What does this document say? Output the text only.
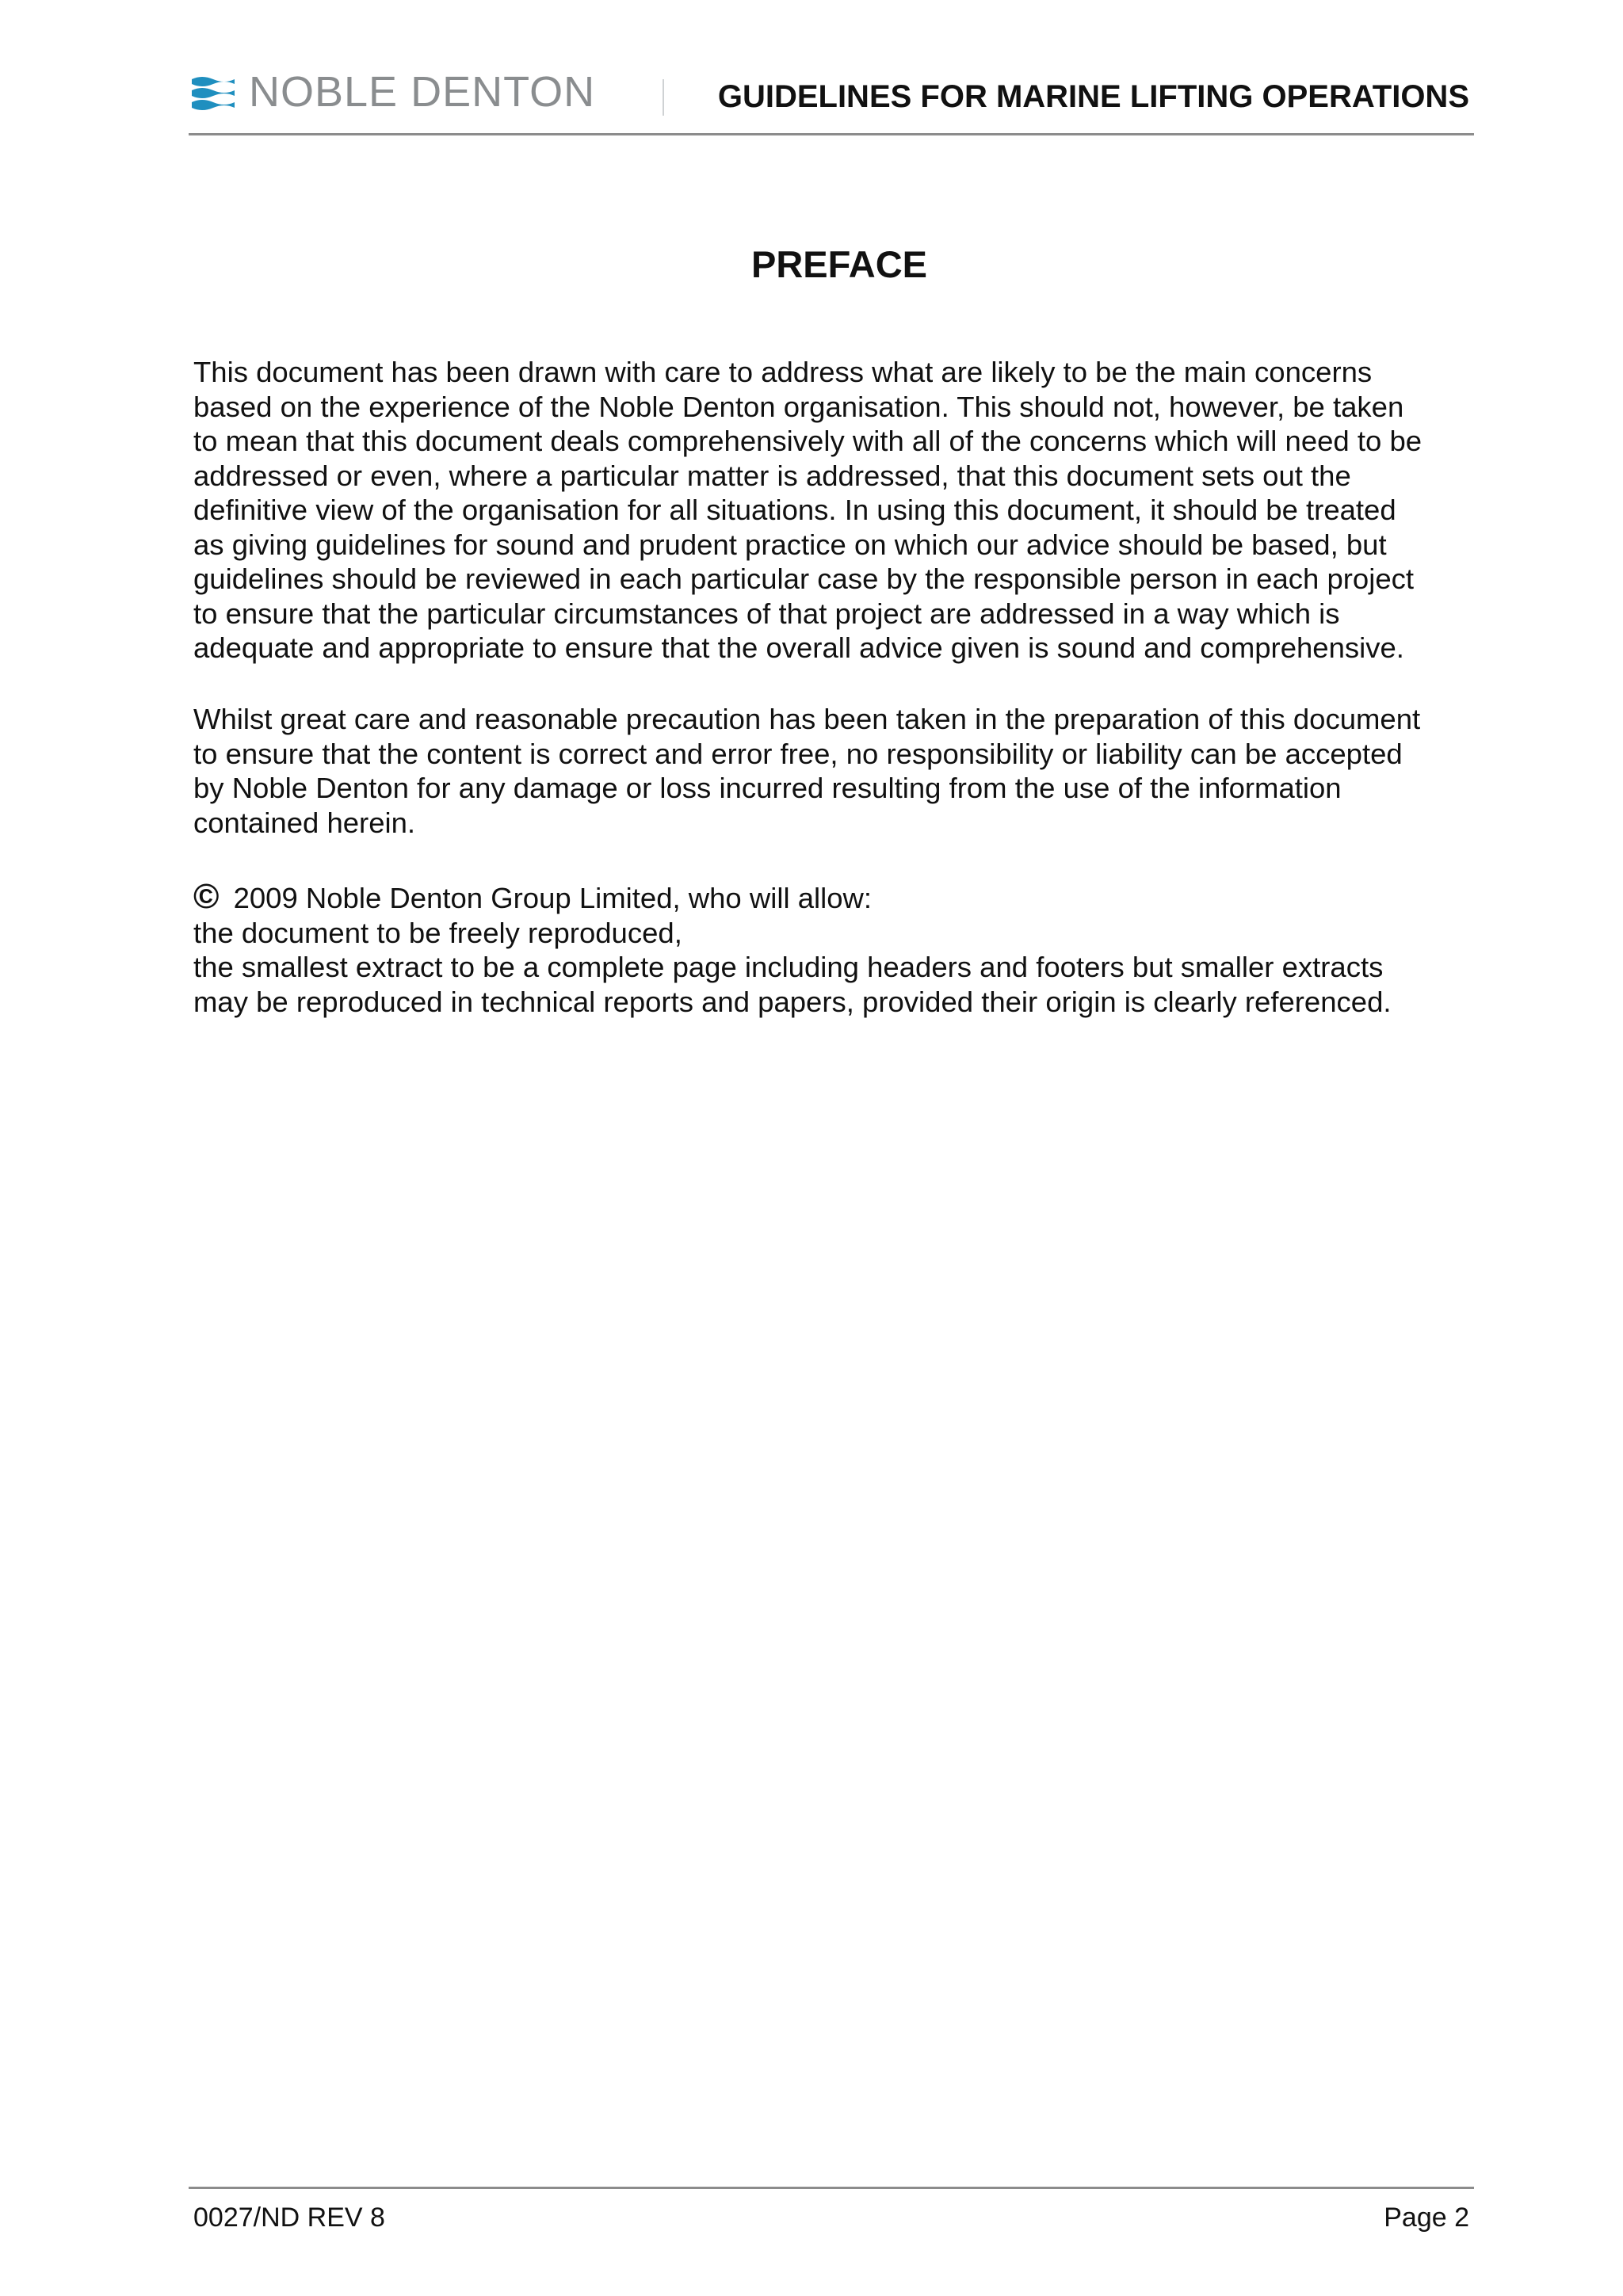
NOBLE DENTON	GUIDELINES FOR MARINE LIFTING OPERATIONS
PREFACE

This document has been drawn with care to address what are likely to be the main concerns
based on the experience of the Noble Denton organisation. This should not, however, be taken
to mean that this document deals comprehensively with all of the concerns which will need to be
addressed or even, where a particular matter is addressed, that this document sets out the
definitive view of the organisation for all situations. In using this document, it should be treated
as giving guidelines for sound and prudent practice on which our advice should be based, but
guidelines should be reviewed in each particular case by the responsible person in each project
to ensure that the particular circumstances of that project are addressed in a way which is
adequate and appropriate to ensure that the overall advice given is sound and comprehensive.

Whilst great care and reasonable precaution has been taken in the preparation of this document
to ensure that the content is correct and error free, no responsibility or liability can be accepted
by Noble Denton for any damage or loss incurred resulting from the use of the information
contained herein.

© 2009 Noble Denton Group Limited, who will allow:
the document to be freely reproduced,
the smallest extract to be a complete page including headers and footers but smaller extracts
may be reproduced in technical reports and papers, provided their origin is clearly referenced.

0027/ND REV 8	Page 2
